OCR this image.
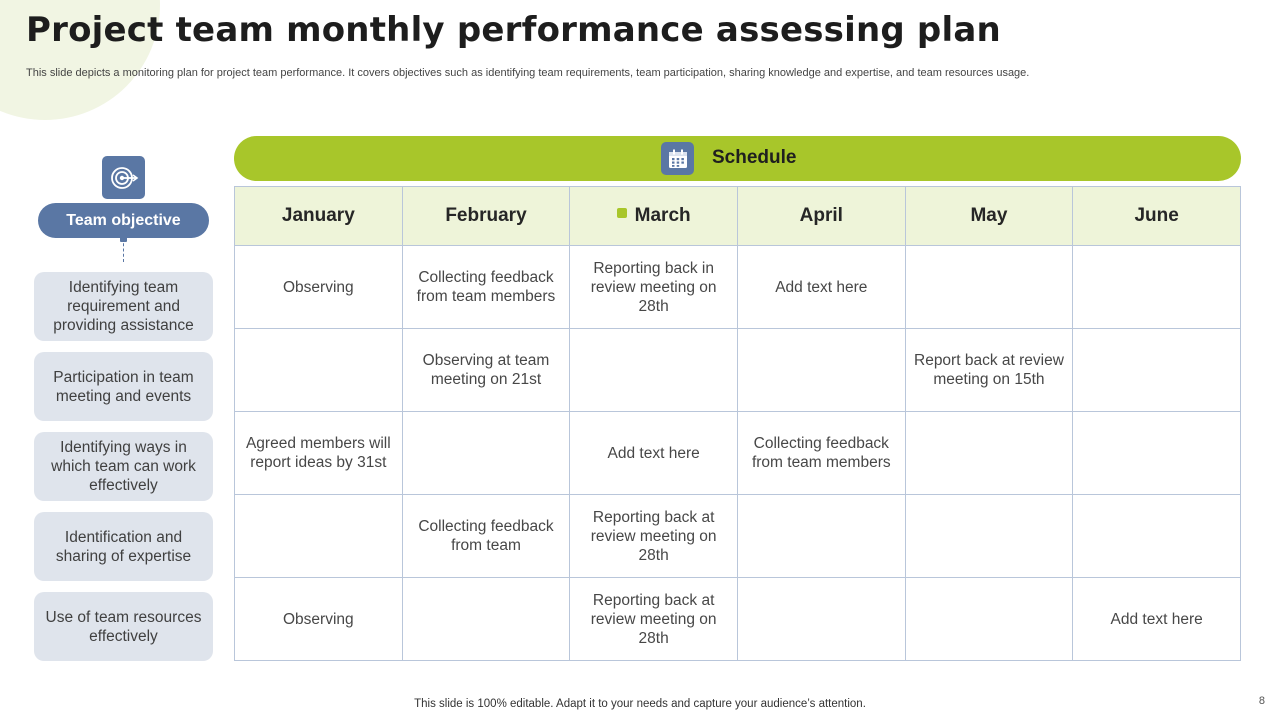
Project team monthly performance assessing plan
This slide depicts a monitoring plan for project team performance. It covers objectives such as identifying team requirements, team participation, sharing knowledge and expertise, and team resources usage.
Team objective
Identifying team requirement and providing assistance
Participation in team meeting and events
Identifying ways in which team can work effectively
Identification and sharing of expertise
Use of team resources effectively
Schedule
January	February	March	April	May	June
Observing	Collecting feedback from team members	Reporting back in review meeting on 28th	Add text here		
	Observing at team meeting on 21st			Report back at review meeting on 15th	
Agreed members will report ideas by 31st		Add text here	Collecting feedback from team members		
	Collecting feedback from team	Reporting back at review meeting on 28th			
Observing		Reporting back at review meeting on 28th			Add text here
This slide is 100% editable. Adapt it to your needs and capture your audience’s attention.	8
